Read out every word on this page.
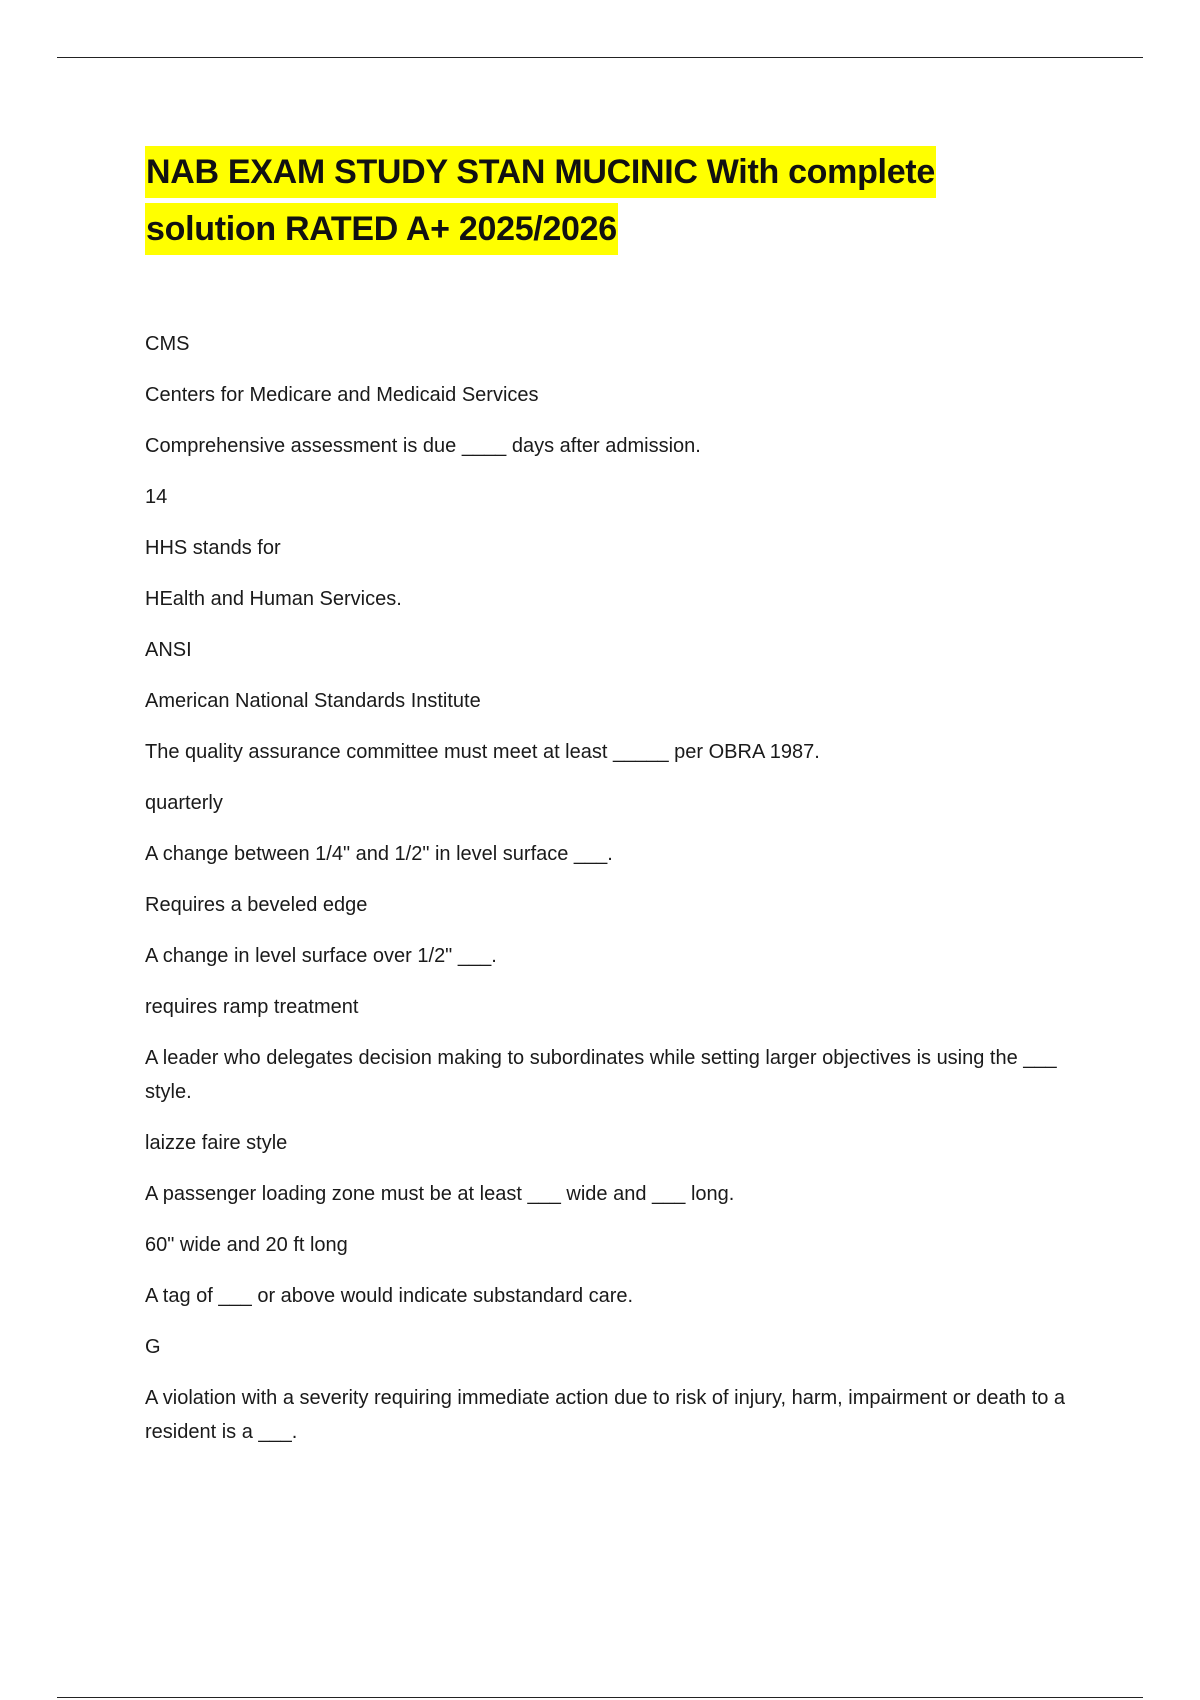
NAB EXAM STUDY STAN MUCINIC With complete
solution RATED A+ 2025/2026
CMS
Centers for Medicare and Medicaid Services
Comprehensive assessment is due ____ days after admission.
14
HHS stands for
HEalth and Human Services.
ANSI
American National Standards Institute
The quality assurance committee must meet at least _____ per OBRA 1987.
quarterly
A change between 1/4" and 1/2" in level surface ___.
Requires a beveled edge
A change in level surface over 1/2" ___.
requires ramp treatment
A leader who delegates decision making to subordinates while setting larger objectives is using the ___ style.
laizze faire style
A passenger loading zone must be at least ___ wide and ___ long.
60" wide and 20 ft long
A tag of ___ or above would indicate substandard care.
G
A violation with a severity requiring immediate action due to risk of injury, harm, impairment or death to a resident is a ___.
